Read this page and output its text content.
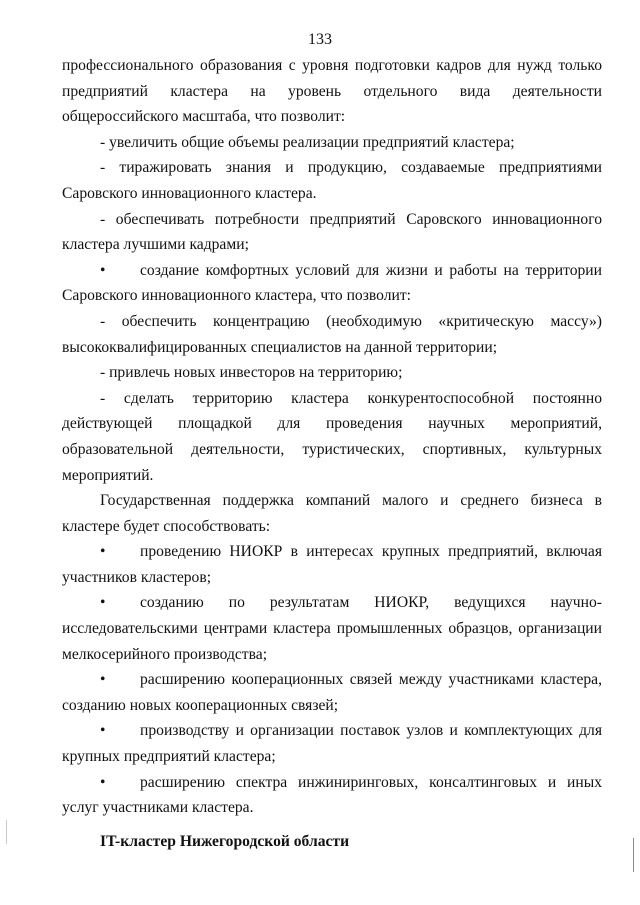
133

профессионального образования с уровня подготовки кадров для нужд только предприятий кластера на уровень отдельного вида деятельности общероссийского масштаба, что позволит:

- увеличить общие объемы реализации предприятий кластера;

- тиражировать знания и продукцию, создаваемые предприятиями Саровского инновационного кластера.

- обеспечивать потребности предприятий Саровского инновационного кластера лучшими кадрами;

• создание комфортных условий для жизни и работы на территории Саровского инновационного кластера, что позволит:

- обеспечить концентрацию (необходимую «критическую массу») высококвалифицированных специалистов на данной территории;

- привлечь новых инвесторов на территорию;

- сделать территорию кластера конкурентоспособной постоянно действующей площадкой для проведения научных мероприятий, образовательной деятельности, туристических, спортивных, культурных мероприятий.

Государственная поддержка компаний малого и среднего бизнеса в кластере будет способствовать:

• проведению НИОКР в интересах крупных предприятий, включая участников кластеров;

• созданию по результатам НИОКР, ведущихся научно-исследовательскими центрами кластера промышленных образцов, организации мелкосерийного производства;

• расширению кооперационных связей между участниками кластера, созданию новых кооперационных связей;

• производству и организации поставок узлов и комплектующих для крупных предприятий кластера;

• расширению спектра инжиниринговых, консалтинговых и иных услуг участниками кластера.

IT-кластер Нижегородской области
